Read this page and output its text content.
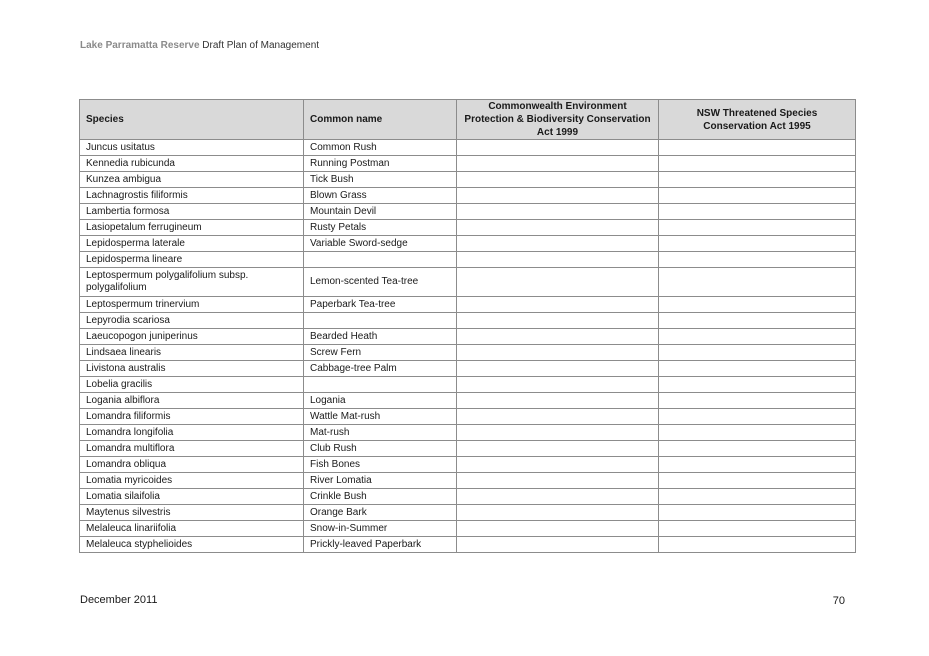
Lake Parramatta Reserve Draft Plan of Management
Species	Common name	Commonwealth Environment Protection & Biodiversity Conservation Act 1999	NSW Threatened Species Conservation Act 1995
Juncus usitatus	Common Rush		
Kennedia rubicunda	Running Postman		
Kunzea ambigua	Tick Bush		
Lachnagrostis filiformis	Blown Grass		
Lambertia formosa	Mountain Devil		
Lasiopetalum ferrugineum	Rusty Petals		
Lepidosperma laterale	Variable Sword-sedge		
Lepidosperma lineare			
Leptospermum polygalifolium subsp. polygalifolium	Lemon-scented Tea-tree		
Leptospermum trinervium	Paperbark Tea-tree		
Lepyrodia scariosa			
Laeucopogon juniperinus	Bearded Heath		
Lindsaea linearis	Screw Fern		
Livistona australis	Cabbage-tree Palm		
Lobelia gracilis			
Logania albiflora	Logania		
Lomandra filiformis	Wattle Mat-rush		
Lomandra longifolia	Mat-rush		
Lomandra multiflora	Club Rush		
Lomandra obliqua	Fish Bones		
Lomatia myricoides	River Lomatia		
Lomatia silaifolia	Crinkle Bush		
Maytenus silvestris	Orange Bark		
Melaleuca linariifolia	Snow-in-Summer		
Melaleuca styphelioides	Prickly-leaved Paperbark		
December 2011	70
